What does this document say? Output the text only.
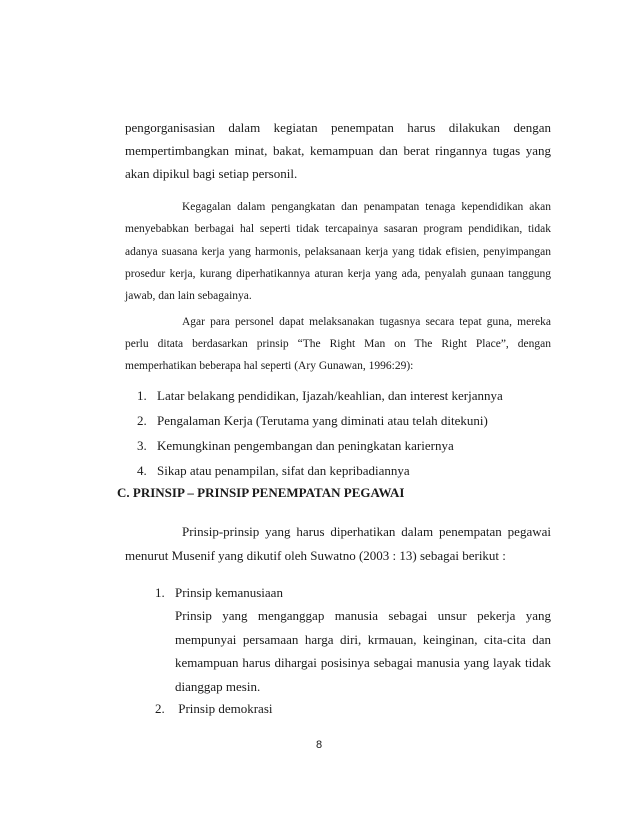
pengorganisasian dalam kegiatan penempatan harus dilakukan dengan mempertimbangkan minat, bakat, kemampuan dan berat ringannya tugas yang akan dipikul bagi setiap personil.

Kegagalan dalam pengangkatan dan penampatan tenaga kependidikan akan menyebabkan berbagai hal seperti tidak tercapainya sasaran program pendidikan, tidak adanya suasana kerja yang harmonis, pelaksanaan kerja yang tidak efisien, penyimpangan prosedur kerja, kurang diperhatikannya aturan kerja yang ada, penyalah gunaan tanggung jawab, dan lain sebagainya.

Agar para personel dapat melaksanakan tugasnya secara tepat guna, mereka perlu ditata berdasarkan prinsip “The Right Man on The Right Place”, dengan memperhatikan beberapa hal seperti (Ary Gunawan, 1996:29):

1. Latar belakang pendidikan, Ijazah/keahlian, dan interest kerjannya
2. Pengalaman Kerja (Terutama yang diminati atau telah ditekuni)
3. Kemungkinan pengembangan dan peningkatan kariernya
4. Sikap atau penampilan, sifat dan kepribadiannya
C. PRINSIP – PRINSIP PENEMPATAN PEGAWAI

Prinsip-prinsip yang harus diperhatikan dalam penempatan pegawai menurut Musenif yang dikutif oleh Suwatno (2003 : 13) sebagai berikut :

1. Prinsip kemanusiaan
Prinsip yang menganggap manusia sebagai unsur pekerja yang mempunyai persamaan harga diri, krmauan, keinginan, cita-cita dan kemampuan harus dihargai posisinya sebagai manusia yang layak tidak dianggap mesin.
2. Prinsip demokrasi
8
